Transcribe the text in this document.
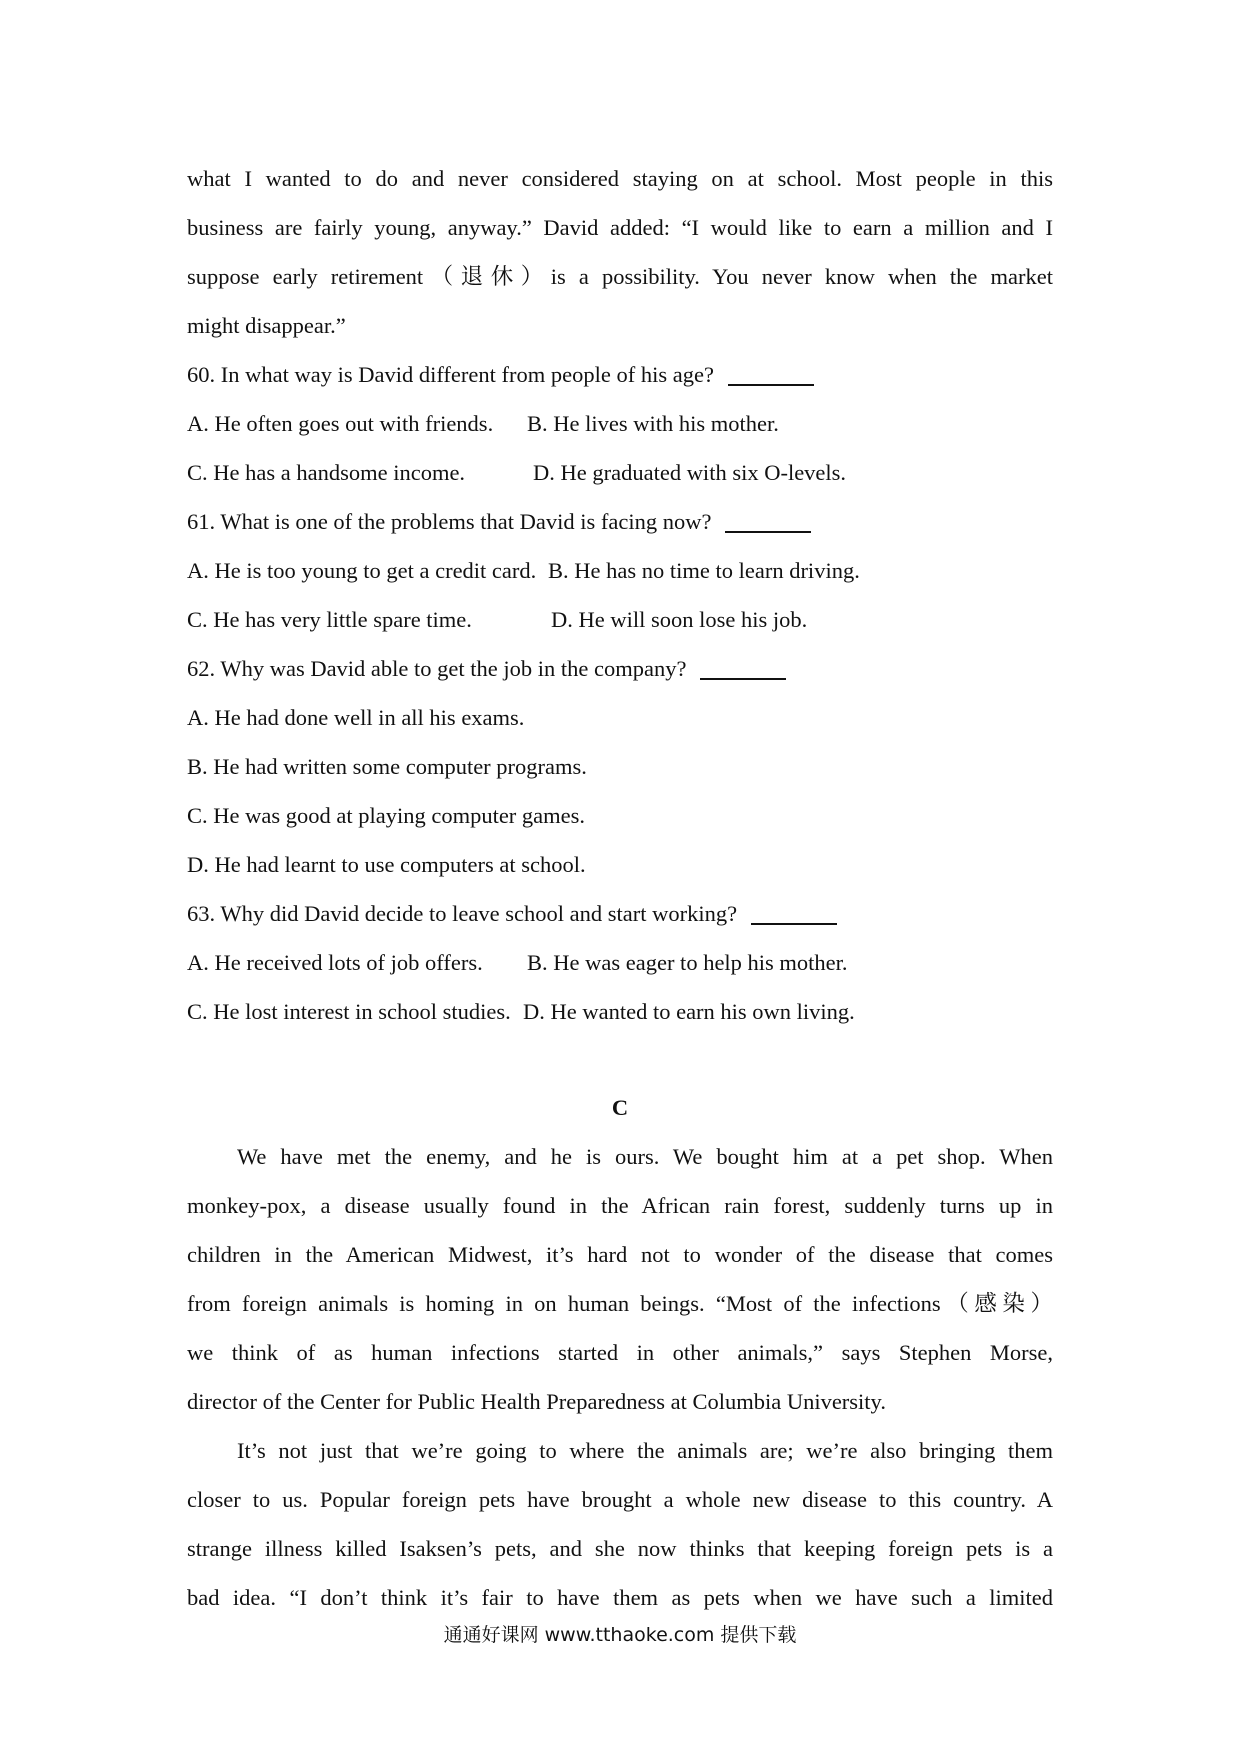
what I wanted to do and never considered staying on at school. Most people in this
business are fairly young, anyway.” David added: “I would like to earn a million and I
suppose early retirement（退休）is a possibility. You never know when the market
might disappear.”
60. In what way is David different from people of his age?
A. He often goes out with friends. B. He lives with his mother.
C. He has a handsome income.	D. He graduated with six O-levels.
61. What is one of the problems that David is facing now?
A. He is too young to get a credit card. B. He has no time to learn driving.
C. He has very little spare time.	D. He will soon lose his job.
62. Why was David able to get the job in the company?
A. He had done well in all his exams.
B. He had written some computer programs.
C. He was good at playing computer games.
D. He had learnt to use computers at school.
63. Why did David decide to leave school and start working?
A. He received lots of job offers. B. He was eager to help his mother.
C. He lost interest in school studies. D. He wanted to earn his own living.
C
We have met the enemy, and he is ours. We bought him at a pet shop. When
monkey-pox, a disease usually found in the African rain forest, suddenly turns up in
children in the American Midwest, it’s hard not to wonder of the disease that comes
from foreign animals is homing in on human beings. “Most of the infections（感染）
we think of as human infections started in other animals,” says Stephen Morse,
director of the Center for Public Health Preparedness at Columbia University.
It’s not just that we’re going to where the animals are; we’re also bringing them
closer to us. Popular foreign pets have brought a whole new disease to this country. A
strange illness killed Isaksen’s pets, and she now thinks that keeping foreign pets is a
bad idea. “I don’t think it’s fair to have them as pets when we have such a limited
通通好课网 www.tthaoke.com 提供下载
